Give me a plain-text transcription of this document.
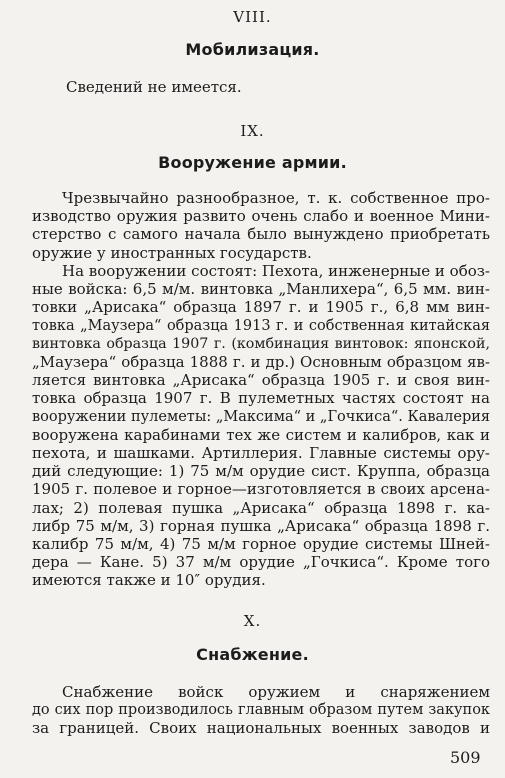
VIII.
Мобилизация.
Сведений не имеется.
IX.
Вооружение армии.
Чрезвычайно разнообразное, т. к. собственное про-
изводство оружия развито очень слабо и военное Мини-
стерство с самого начала было вынуждено приобретать
оружие у иностранных государств.
На вооружении состоят: Пехота, инженерные и обоз-
ные войска: 6,5 м/м. винтовка „Манлихера“, 6,5 мм. вин-
товки „Арисака“ образца 1897 г. и 1905 г., 6,8 мм вин-
товка „Маузера“ образца 1913 г. и собственная китайская
винтовка образца 1907 г. (комбинация винтовок: японской,
„Маузера“ образца 1888 г. и др.) Основным образцом яв-
ляется винтовка „Арисака“ образца 1905 г. и своя вин-
товка образца 1907 г. В пулеметных частях состоят на
вооружении пулеметы: „Максима“ и „Гочкиса“. Кавалерия
вооружена карабинами тех же систем и калибров, как и
пехота, и шашками. Артиллерия. Главные системы ору-
дий следующие: 1) 75 м/м орудие сист. Круппа, образца
1905 г. полевое и горное—изготовляется в своих арсена-
лах; 2) полевая пушка „Арисака“ образца 1898 г. ка-
либр 75 м/м, 3) горная пушка „Арисака“ образца 1898 г.
калибр 75 м/м, 4) 75 м/м горное орудие системы Шней-
дера — Кане. 5) 37 м/м орудие „Гочкиса“. Кроме того
имеются также и 10″ орудия.
X.
Снабжение.
Снабжение войск оружием и снаряжением
до сих пор производилось главным образом путем закупок
за границей. Своих национальных военных заводов и
509
